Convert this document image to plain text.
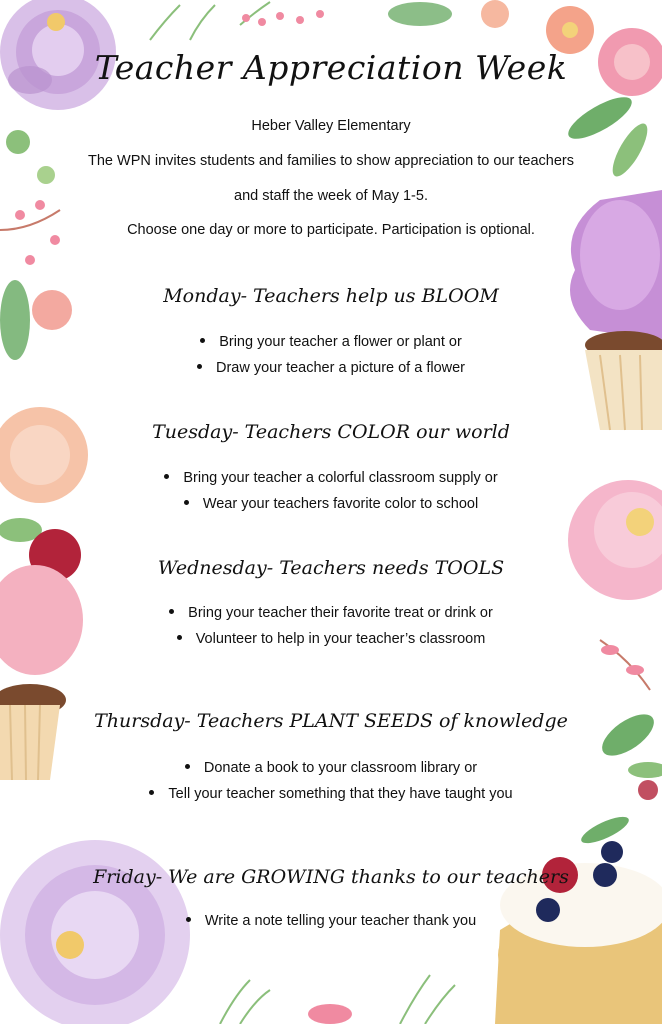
Teacher Appreciation Week
Heber Valley Elementary
The WPN invites students and families to show appreciation to our teachers
and staff the week of May 1-5.
Choose one day or more to participate. Participation is optional.
Monday- Teachers help us BLOOM
Bring your teacher a flower or plant or
Draw your teacher a picture of a flower
Tuesday- Teachers COLOR our world
Bring your teacher a colorful classroom supply or
Wear your teachers favorite color to school
Wednesday- Teachers needs TOOLS
Bring your teacher their favorite treat or drink or
Volunteer to help in your teacher’s classroom
Thursday- Teachers PLANT SEEDS of knowledge
Donate a book to your classroom library or
Tell your teacher something that they have taught you
Friday- We are GROWING thanks to our teachers
Write a note telling your teacher thank you
